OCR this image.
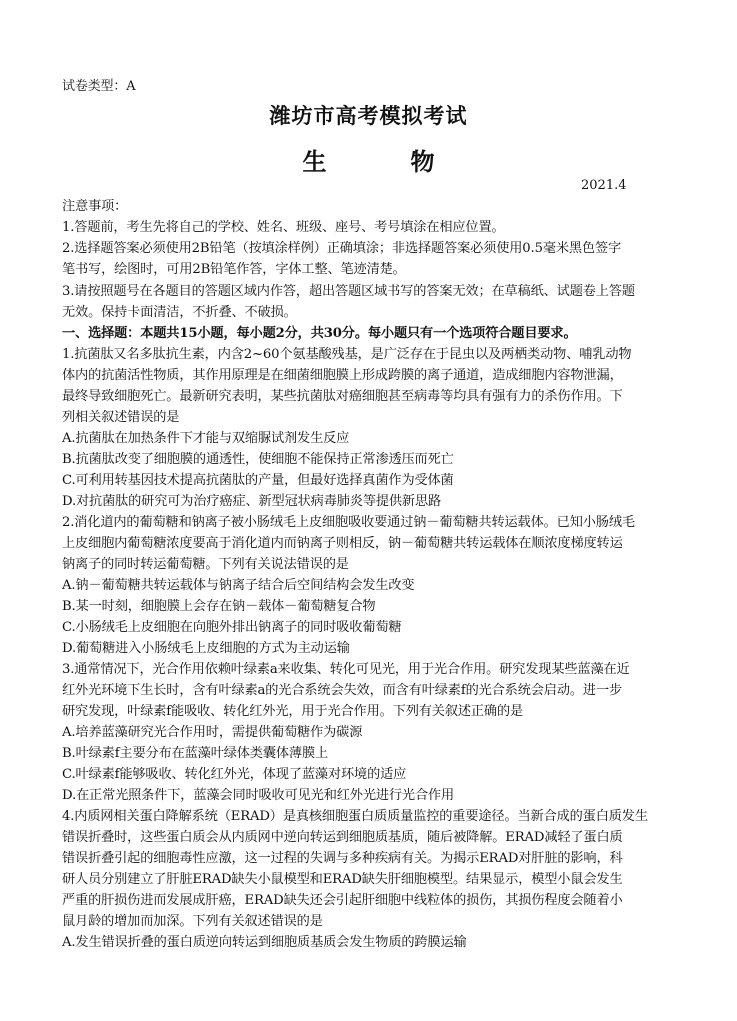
试卷类型：A
潍坊市高考模拟考试
生　物
2021.4
注意事项：
1.答题前，考生先将自己的学校、姓名、班级、座号、考号填涂在相应位置。
2.选择题答案必须使用2B铅笔（按填涂样例）正确填涂；非选择题答案必须使用0.5毫米黑色签字
笔书写，绘图时，可用2B铅笔作答，字体工整、笔迹清楚。
3.请按照题号在各题目的答题区域内作答，超出答题区域书写的答案无效；在草稿纸、试题卷上答题
无效。保持卡面清洁，不折叠、不破损。
一、选择题：本题共15小题，每小题2分，共30分。每小题只有一个选项符合题目要求。
1.抗菌肽又名多肽抗生素，内含2~60个氨基酸残基，是广泛存在于昆虫以及两栖类动物、哺乳动物
体内的抗菌活性物质，其作用原理是在细菌细胞膜上形成跨膜的离子通道，造成细胞内容物泄漏，
最终导致细胞死亡。最新研究表明，某些抗菌肽对癌细胞甚至病毒等均具有强有力的杀伤作用。下
列相关叙述错误的是
A.抗菌肽在加热条件下才能与双缩脲试剂发生反应
B.抗菌肽改变了细胞膜的通透性，使细胞不能保持正常渗透压而死亡
C.可利用转基因技术提高抗菌肽的产量，但最好选择真菌作为受体菌
D.对抗菌肽的研究可为治疗癌症、新型冠状病毒肺炎等提供新思路
2.消化道内的葡萄糖和钠离子被小肠绒毛上皮细胞吸收要通过钠－葡萄糖共转运载体。已知小肠绒毛
上皮细胞内葡萄糖浓度要高于消化道内而钠离子则相反，钠－葡萄糖共转运载体在顺浓度梯度转运
钠离子的同时转运葡萄糖。下列有关说法错误的是
A.钠－葡萄糖共转运载体与钠离子结合后空间结构会发生改变
B.某一时刻，细胞膜上会存在钠－载体－葡萄糖复合物
C.小肠绒毛上皮细胞在向胞外排出钠离子的同时吸收葡萄糖
D.葡萄糖进入小肠绒毛上皮细胞的方式为主动运输
3.通常情况下，光合作用依赖叶绿素a来收集、转化可见光，用于光合作用。研究发现某些蓝藻在近
红外光环境下生长时，含有叶绿素a的光合系统会失效，而含有叶绿素f的光合系统会启动。进一步
研究发现，叶绿素f能吸收、转化红外光，用于光合作用。下列有关叙述正确的是
A.培养蓝藻研究光合作用时，需提供葡萄糖作为碳源
B.叶绿素f主要分布在蓝藻叶绿体类囊体薄膜上
C.叶绿素f能够吸收、转化红外光，体现了蓝藻对环境的适应
D.在正常光照条件下，蓝藻会同时吸收可见光和红外光进行光合作用
4.内质网相关蛋白降解系统（ERAD）是真核细胞蛋白质质量监控的重要途径。当新合成的蛋白质发生
错误折叠时，这些蛋白质会从内质网中逆向转运到细胞质基质，随后被降解。ERAD减轻了蛋白质
错误折叠引起的细胞毒性应激，这一过程的失调与多种疾病有关。为揭示ERAD对肝脏的影响，科
研人员分别建立了肝脏ERAD缺失小鼠模型和ERAD缺失肝细胞模型。结果显示，模型小鼠会发生
严重的肝损伤进而发展成肝癌，ERAD缺失还会引起肝细胞中线粒体的损伤，其损伤程度会随着小
鼠月龄的增加而加深。下列有关叙述错误的是
A.发生错误折叠的蛋白质逆向转运到细胞质基质会发生物质的跨膜运输
